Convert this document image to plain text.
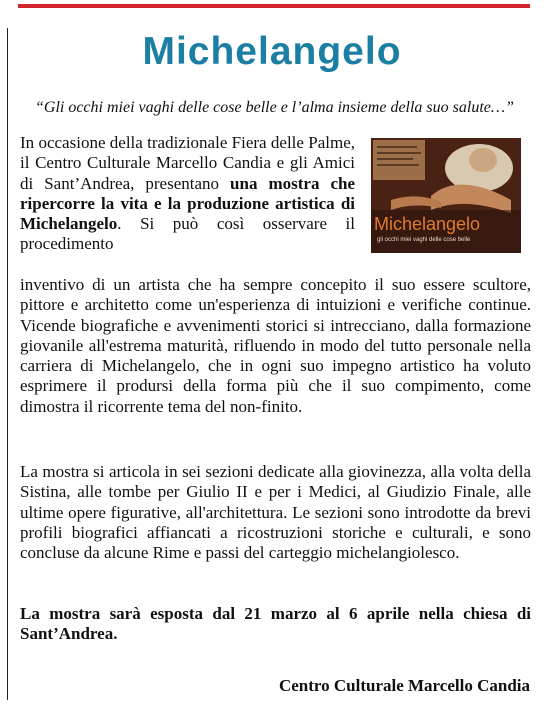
Michelangelo

“Gli occhi miei vaghi delle cose belle e l’alma insieme della suo salute…”

Michelangelo
gli occhi miei vaghi delle cose belle

In occasione della tradizionale Fiera delle Palme, il Centro Culturale Marcello Candia e gli Amici di Sant’Andrea, presentano una mostra che ripercorre la vita e la produzione artistica di Michelangelo. Si può così osservare il procedimento

inventivo di un artista che ha sempre concepito il suo essere scultore, pittore e architetto come un'esperienza di intuizioni e verifiche continue. Vicende biografiche e avvenimenti storici si intrecciano, dalla formazione giovanile all'estrema maturità, rifluendo in modo del tutto personale nella carriera di Michelangelo, che in ogni suo impegno artistico ha voluto esprimere il prodursi della forma più che il suo compimento, come dimostra il ricorrente tema del non-finito.

La mostra si articola in sei sezioni dedicate alla giovinezza, alla volta della Sistina, alle tombe per Giulio II e per i Medici, al Giudizio Finale, alle ultime opere figurative, all'architettura. Le sezioni sono introdotte da brevi profili biografici affiancati a ricostruzioni storiche e culturali, e sono concluse da alcune Rime e passi del carteggio michelangiolesco.

La mostra sarà esposta dal 21 marzo al 6 aprile nella chiesa di Sant’Andrea.

Centro Culturale Marcello Candia
